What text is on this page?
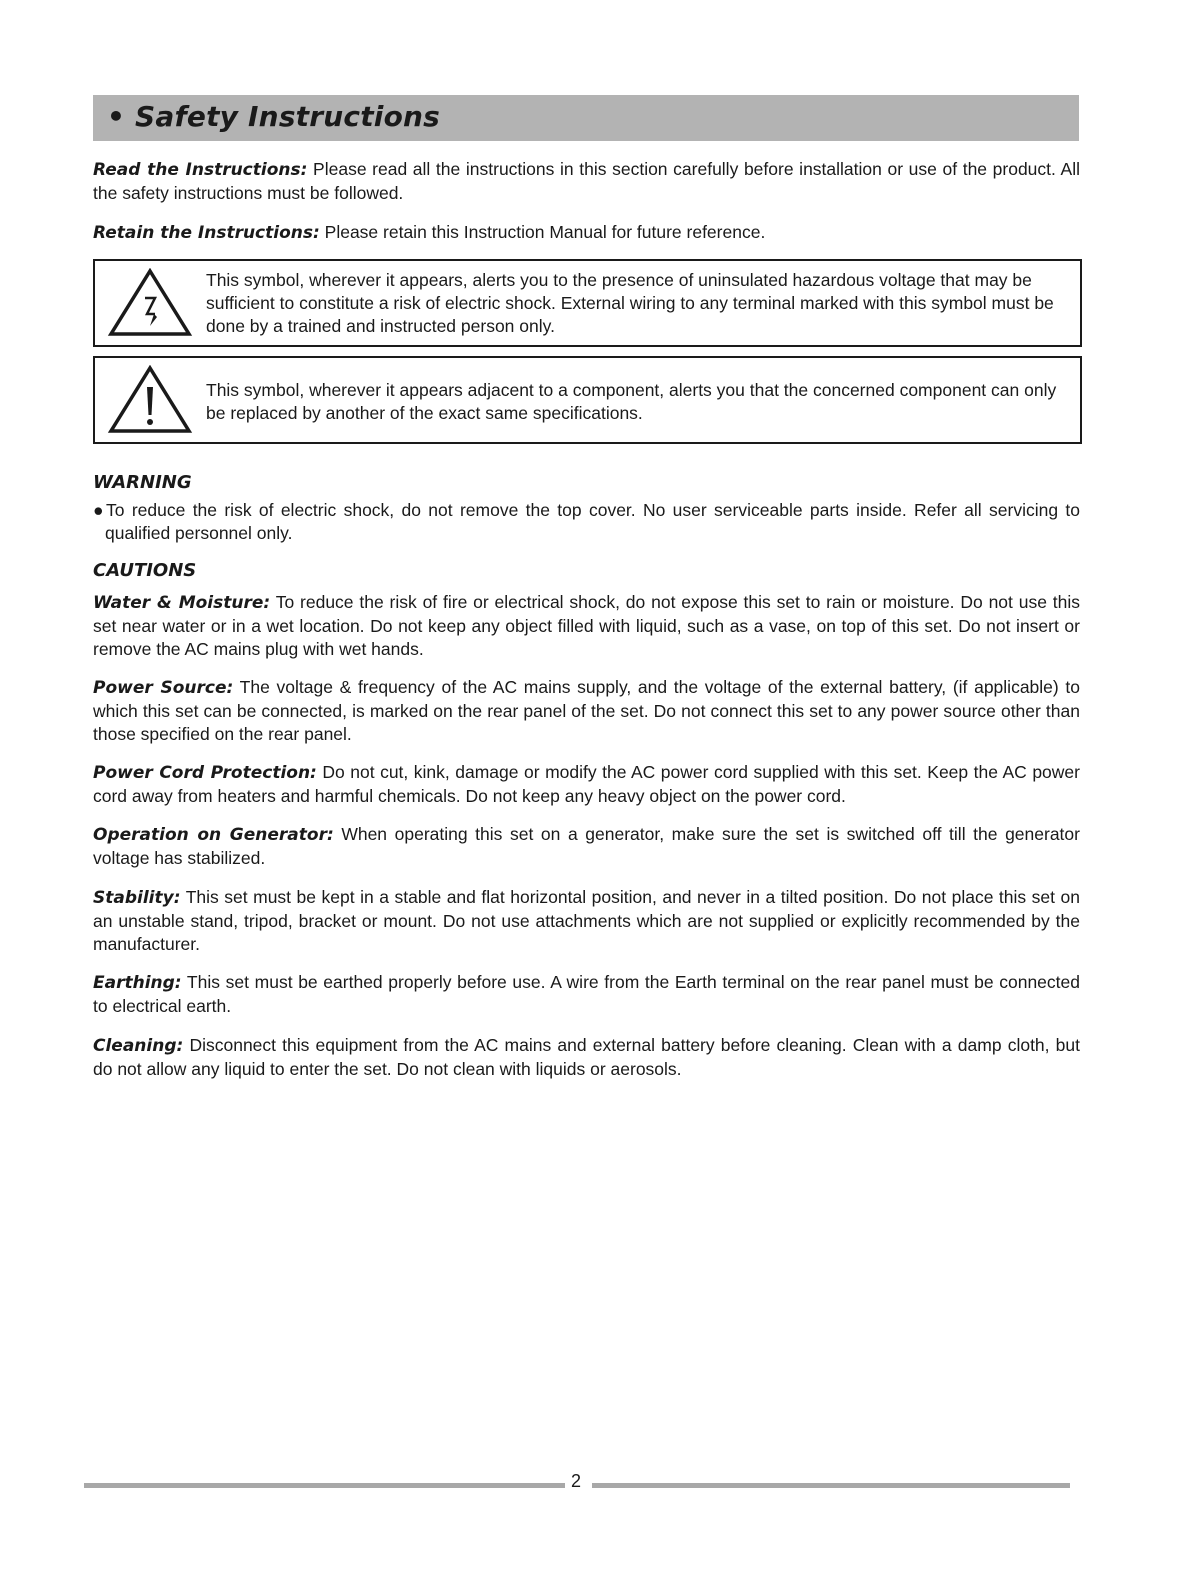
• Safety Instructions

Read the Instructions: Please read all the instructions in this section carefully before installation or use of the product. All the safety instructions must be followed.

Retain the Instructions: Please retain this Instruction Manual for future reference.

This symbol, wherever it appears, alerts you to the presence of uninsulated hazardous voltage that may be sufficient to constitute a risk of electric shock. External wiring to any terminal marked with this symbol must be done by a trained and instructed person only.

This symbol, wherever it appears adjacent to a component, alerts you that the concerned component can only be replaced by another of the exact same specifications.

WARNING

●To reduce the risk of electric shock, do not remove the top cover. No user serviceable parts inside. Refer all servicing to qualified personnel only.

CAUTIONS

Water & Moisture: To reduce the risk of fire or electrical shock, do not expose this set to rain or moisture. Do not use this set near water or in a wet location. Do not keep any object filled with liquid, such as a vase, on top of this set. Do not insert or remove the AC mains plug with wet hands.

Power Source: The voltage & frequency of the AC mains supply, and the voltage of the external battery, (if applicable) to which this set can be connected, is marked on the rear panel of the set. Do not connect this set to any power source other than those specified on the rear panel.

Power Cord Protection: Do not cut, kink, damage or modify the AC power cord supplied with this set. Keep the AC power cord away from heaters and harmful chemicals. Do not keep any heavy object on the power cord.

Operation on Generator: When operating this set on a generator, make sure the set is switched off till the generator voltage has stabilized.

Stability: This set must be kept in a stable and flat horizontal position, and never in a tilted position. Do not place this set on an unstable stand, tripod, bracket or mount. Do not use attachments which are not supplied or explicitly recommended by the manufacturer.

Earthing: This set must be earthed properly before use. A wire from the Earth terminal on the rear panel must be connected to electrical earth.

Cleaning: Disconnect this equipment from the AC mains and external battery before cleaning. Clean with a damp cloth, but do not allow any liquid to enter the set. Do not clean with liquids or aerosols.

2
